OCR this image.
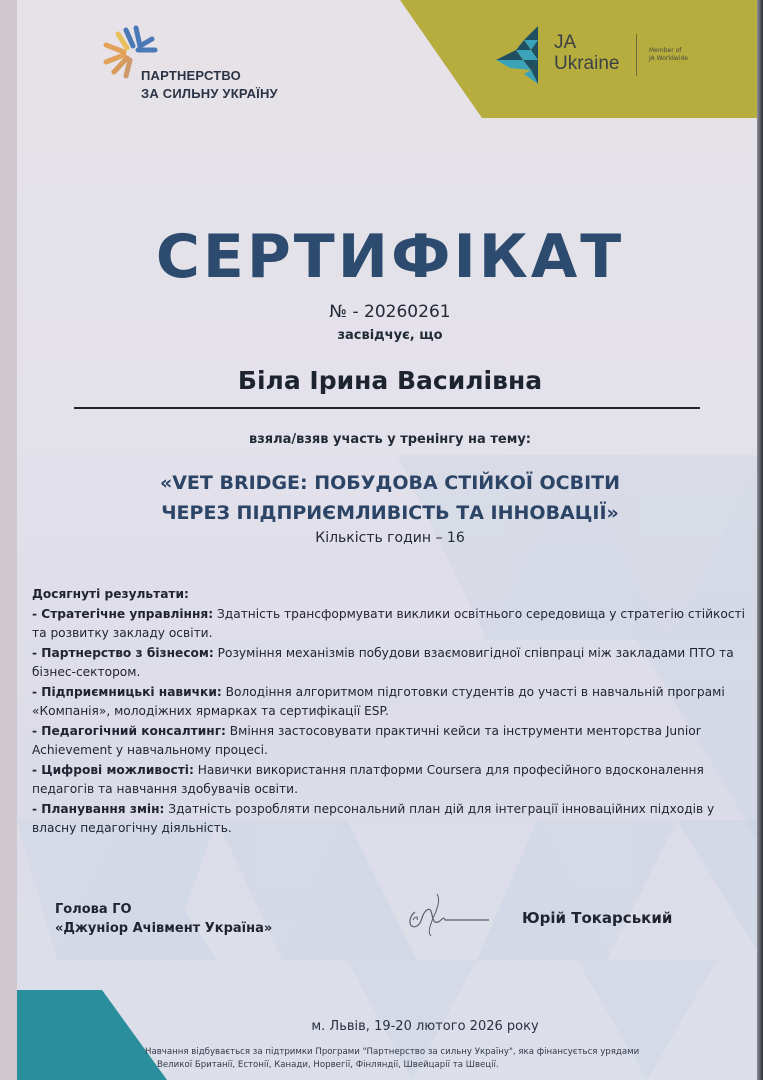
JA
Ukraine
Member of
JA Worldwide
ПАРТНЕРСТВО
ЗА СИЛЬНУ УКРАЇНУ
СЕРТИФІКАТ
№ - 20260261
засвідчує, що
Біла Ірина Василівна
взяла/взяв участь у тренінгу на тему:
«VET BRIDGE: ПОБУДОВА СТІЙКОЇ ОСВІТИ
ЧЕРЕЗ ПІДПРИЄМЛИВІСТЬ ТА ІННОВАЦІЇ»
Кількість годин – 16
Досягнуті результати:
- Стратегічне управління: Здатність трансформувати виклики освітнього середовища у стратегію стійкості та розвитку закладу освіти.
- Партнерство з бізнесом: Розуміння механізмів побудови взаємовигідної співпраці між закладами ПТО та бізнес-сектором.
- Підприємницькі навички: Володіння алгоритмом підготовки студентів до участі в навчальній програмі «Компанія», молодіжних ярмарках та сертифікації ESP.
- Педагогічний консалтинг: Вміння застосовувати практичні кейси та інструменти менторства Junior Achievement у навчальному процесі.
- Цифрові можливості: Навички використання платформи Coursera для професійного вдосконалення педагогів та навчання здобувачів освіти.
- Планування змін: Здатність розробляти персональний план дій для інтеграції інноваційних підходів у власну педагогічну діяльність.
Голова ГО
«Джуніор Ачівмент Україна»
Юрій Токарський
м. Львів, 19-20 лютого 2026 року
Навчання відбувається за підтримки Програми "Партнерство за сильну Україну", яка фінансується урядами
Великої Британії, Естонії, Канади, Норвегії, Фінляндії, Швейцарії та Швеції.
